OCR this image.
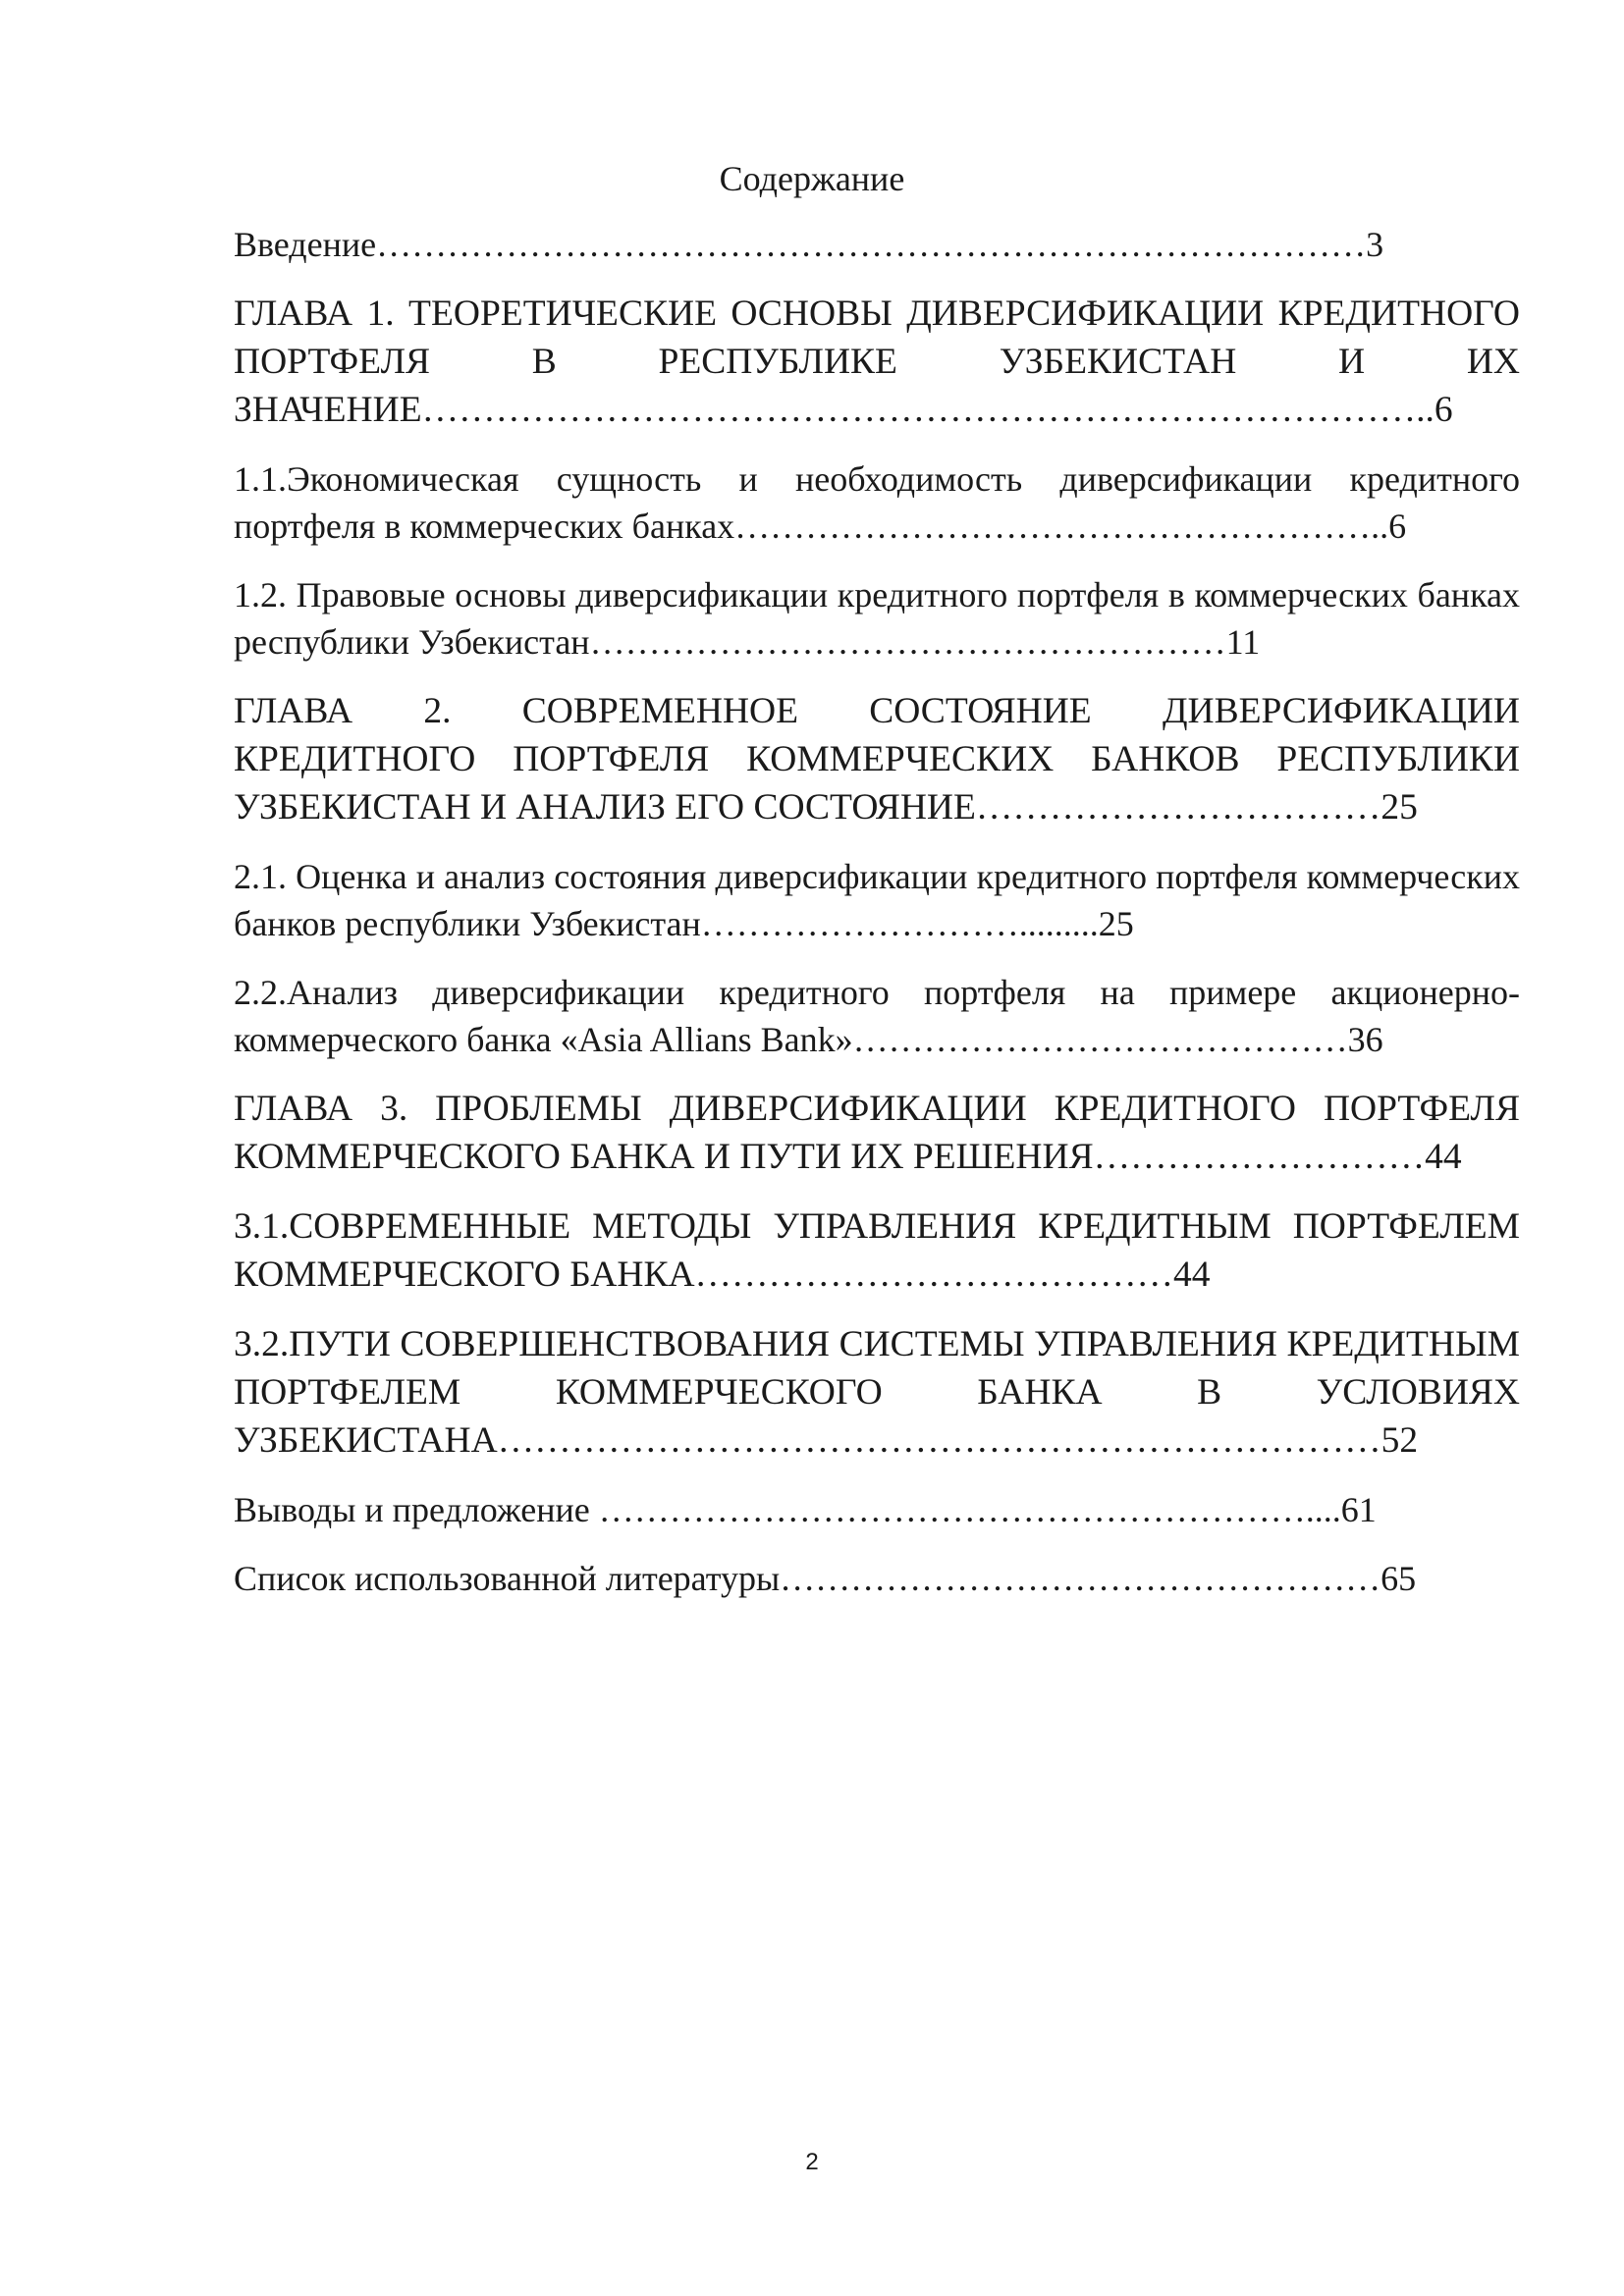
Содержание

Введение…………………………………………………………………………3

ГЛАВА 1. ТЕОРЕТИЧЕСКИЕ ОСНОВЫ ДИВЕРСИФИКАЦИИ КРЕДИТНОГО ПОРТФЕЛЯ В РЕСПУБЛИКЕ УЗБЕКИСТАН И ИХ ЗНАЧЕНИЕ………………………………………………………………………..6

1.1.Экономическая сущность и необходимость диверсификации кредитного портфеля в коммерческих банках………………………………………………..6

1.2. Правовые основы диверсификации кредитного портфеля в коммерческих банках республики Узбекистан………………………………………………11

ГЛАВА 2. СОВРЕМЕННОЕ СОСТОЯНИЕ ДИВЕРСИФИКАЦИИ КРЕДИТНОГО ПОРТФЕЛЯ КОММЕРЧЕСКИХ БАНКОВ РЕСПУБЛИКИ УЗБЕКИСТАН И АНАЛИЗ ЕГО СОСТОЯНИЕ……………………………25

2.1. Оценка и анализ состояния диверсификации кредитного портфеля коммерческих банков республики Узбекистан……………………….........25

2.2.Анализ диверсификации кредитного портфеля на примере акционерно-коммерческого банка «Asia Allians Bank»……………………………………36

ГЛАВА 3. ПРОБЛЕМЫ ДИВЕРСИФИКАЦИИ КРЕДИТНОГО ПОРТФЕЛЯ КОММЕРЧЕСКОГО БАНКА И ПУТИ ИХ РЕШЕНИЯ………………………44

3.1.СОВРЕМЕННЫЕ МЕТОДЫ УПРАВЛЕНИЯ КРЕДИТНЫМ ПОРТФЕЛЕМ КОММЕРЧЕСКОГО БАНКА…………………………………44

3.2.ПУТИ СОВЕРШЕНСТВОВАНИЯ СИСТЕМЫ УПРАВЛЕНИЯ КРЕДИТНЫМ ПОРТФЕЛЕМ КОММЕРЧЕСКОГО БАНКА В УСЛОВИЯХ УЗБЕКИСТАНА………………………………………………………………52

Выводы и предложение ……………………………………………………....61

Список использованной литературы……………………………………………65

2
